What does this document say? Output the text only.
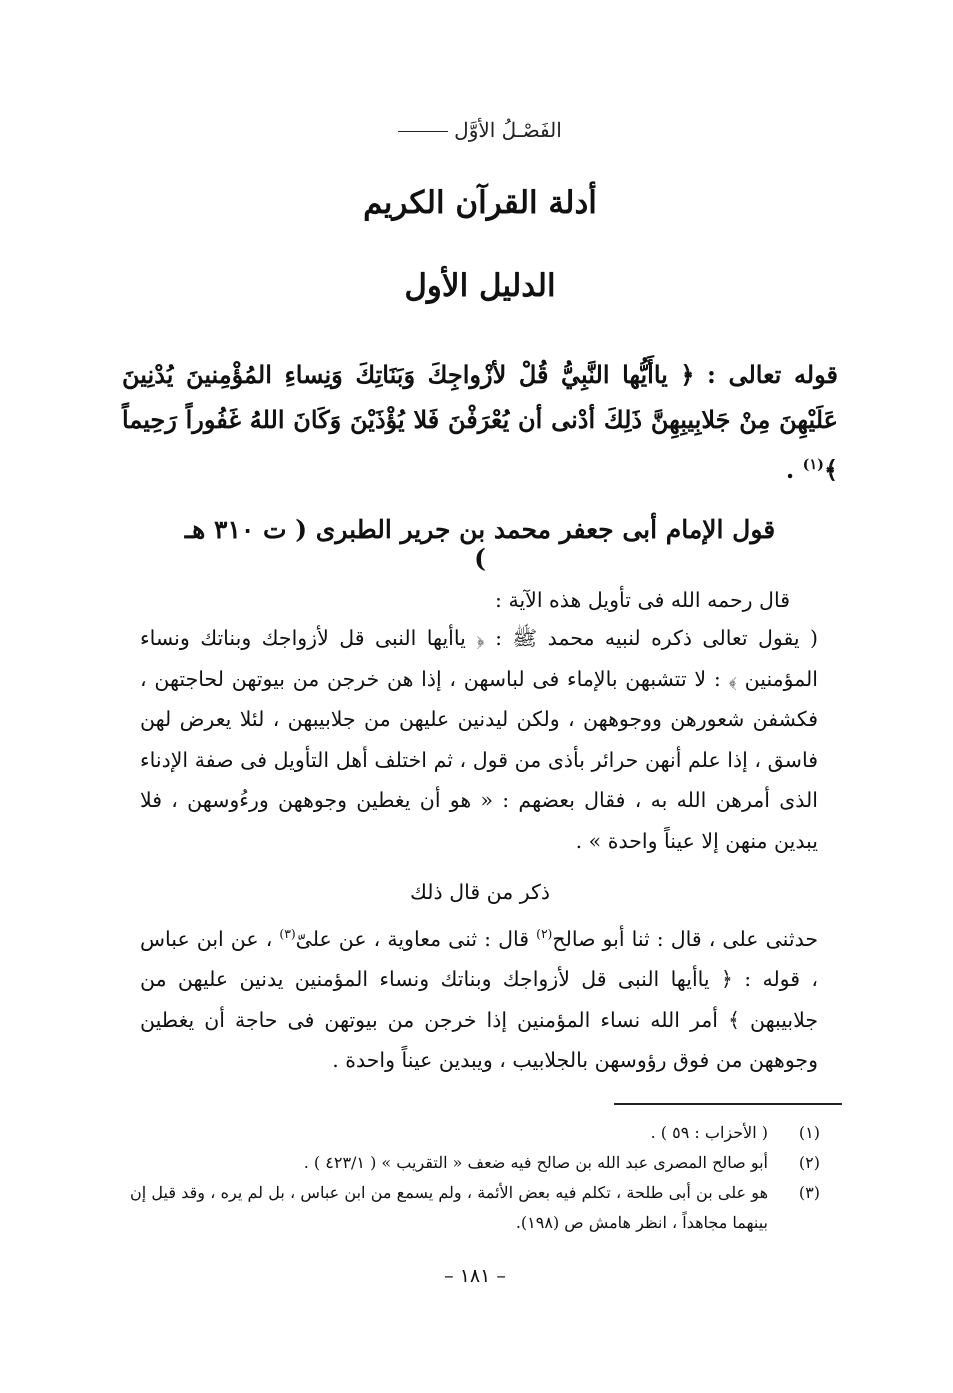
الفَصْـلُ الأوَّل
أدلة القرآن الكريم
الدليل الأول
قوله تعالى : ﴿ ياأَيُّها النَّبِيُّ قُلْ لأزْواجِكَ وَبَنَاتِكَ وَنِساءِ المُؤْمِنينَ يُدْنِينَ عَلَيْهِنَ مِنْ جَلابِيبِهِنَّ ذَلِكَ أدْنى أن يُعْرَفْنَ فَلا يُؤْذَيْنَ وَكَانَ اللهُ غَفُوراً رَحِيماً ﴾$^{(١)}$ .
قول الإمام أبى جعفر محمد بن جرير الطبرى ( ت ٣١٠ هـ )
قال رحمه الله فى تأويل هذه الآية :
( يقول تعالى ذكره لنبيه محمد ﷺ : ﴿ ياأيها النبى قل لأزواجك وبناتك ونساء المؤمنين ﴾ : لا تتشبهن بالإماء فى لباسهن ، إذا هن خرجن من بيوتهن لحاجتهن ، فكشفن شعورهن ووجوههن ، ولكن ليدنين عليهن من جلابيبهن ، لئلا يعرض لهن فاسق ، إذا علم أنهن حرائر بأذى من قول ، ثم اختلف أهل التأويل فى صفة الإدناء الذى أمرهن الله به ، فقال بعضهم : « هو أن يغطين وجوههن ورءُوسهن ، فلا يبدين منهن إلا عيناً واحدة » .
ذكر من قال ذلك
حدثنى على ، قال : ثنا أبو صالح$^{(٢)}$ قال : ثنى معاوية ، عن علىّ$^{(٣)}$ ، عن ابن عباس ، قوله : ﴿ ياأيها النبى قل لأزواجك وبناتك ونساء المؤمنين يدنين عليهن من جلابيبهن ﴾ أمر الله نساء المؤمنين إذا خرجن من بيوتهن فى حاجة أن يغطين وجوههن من فوق رؤوسهن بالجلابيب ، ويبدين عيناً واحدة .
(١)
( الأحزاب : ٥٩ ) .
(٢)
أبو صالح المصرى عبد الله بن صالح فيه ضعف « التقريب » ( ٤٢٣/١ ) .
(٣)
هو على بن أبى طلحة ، تكلم فيه بعض الأئمة ، ولم يسمع من ابن عباس ، بل لم يره ، وقد قيل إن بينهما مجاهداً ، انظر هامش ص (١٩٨).
– ١٨١ –
